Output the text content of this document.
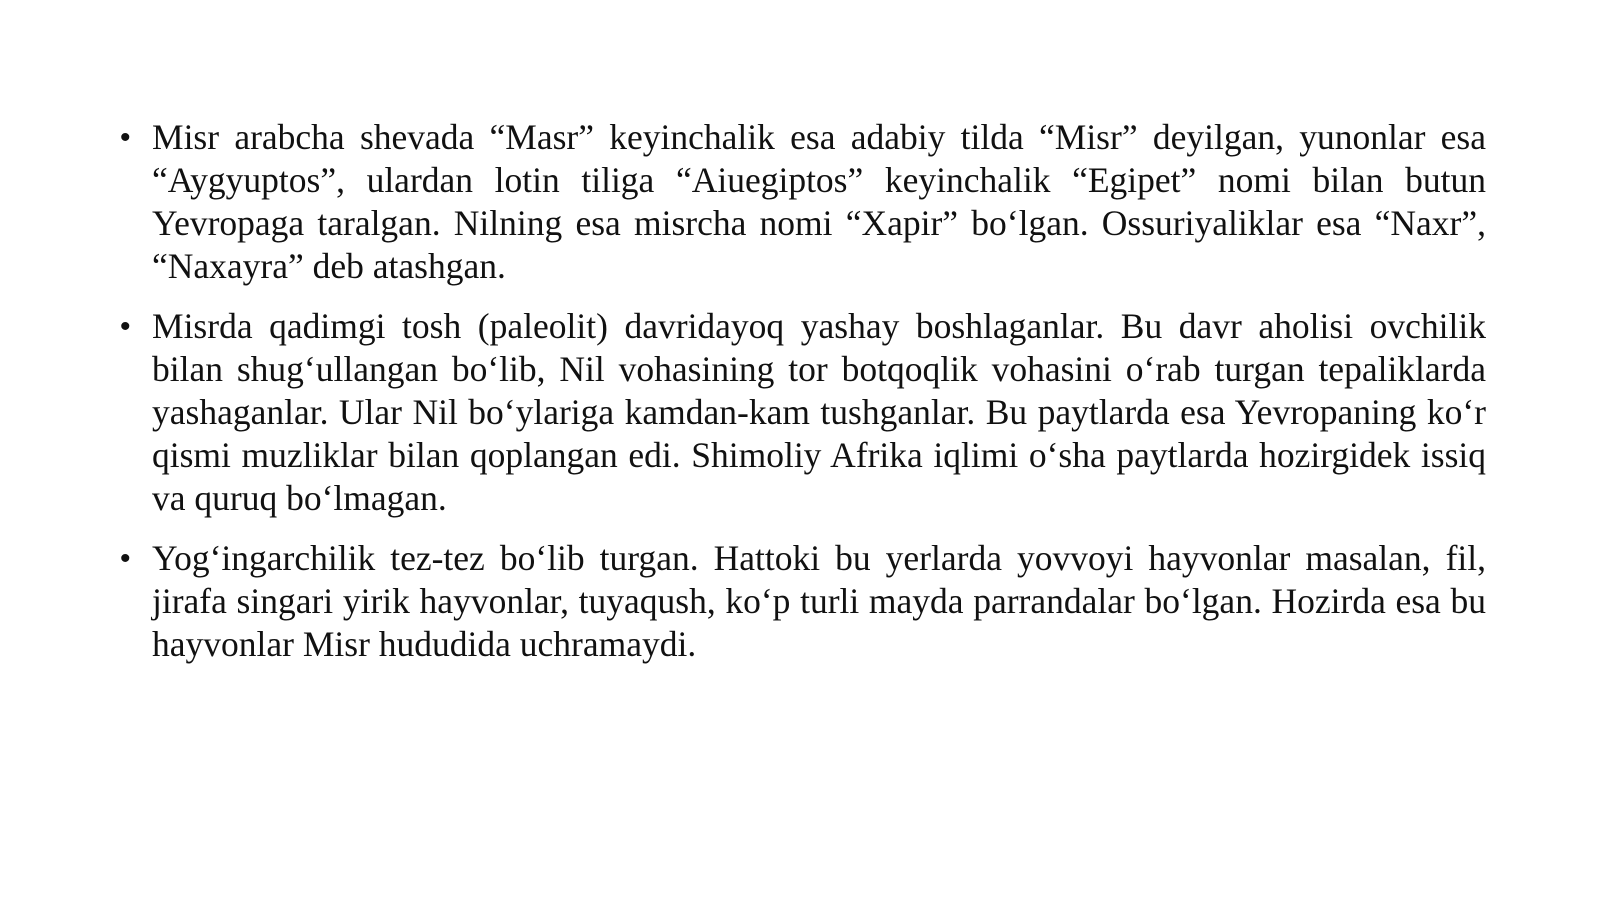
• Misr arabcha shevada “Masr” keyinchalik esa adabiy tilda “Misr” deyilgan, yunonlar esa “Aygyuptos”, ulardan lotin tiliga “Aiuegiptos” keyinchalik “Egipet” nomi bilan butun Yevropaga taralgan. Nilning esa misrcha nomi “Xapir” bo‘lgan. Ossuriyaliklar esa “Naxr”, “Naxayra” deb atashgan.
• Misrda qadimgi tosh (paleolit) davridayoq yashay boshlaganlar. Bu davr aholisi ovchilik bilan shug‘ullangan bo‘lib, Nil vohasining tor botqoqlik vohasini o‘rab turgan tepaliklarda yashaganlar. Ular Nil bo‘ylariga kamdan-kam tushganlar. Bu paytlarda esa Yevropaning ko‘r qismi muzliklar bilan qoplangan edi. Shimoliy Afrika iqlimi o‘sha paytlarda hozirgidek issiq va quruq bo‘lmagan.
• Yog‘ingarchilik tez-tez bo‘lib turgan. Hattoki bu yerlarda yovvoyi hayvonlar masalan, fil, jirafa singari yirik hayvonlar, tuyaqush, ko‘p turli mayda parrandalar bo‘lgan. Hozirda esa bu hayvonlar Misr hududida uchramaydi.
